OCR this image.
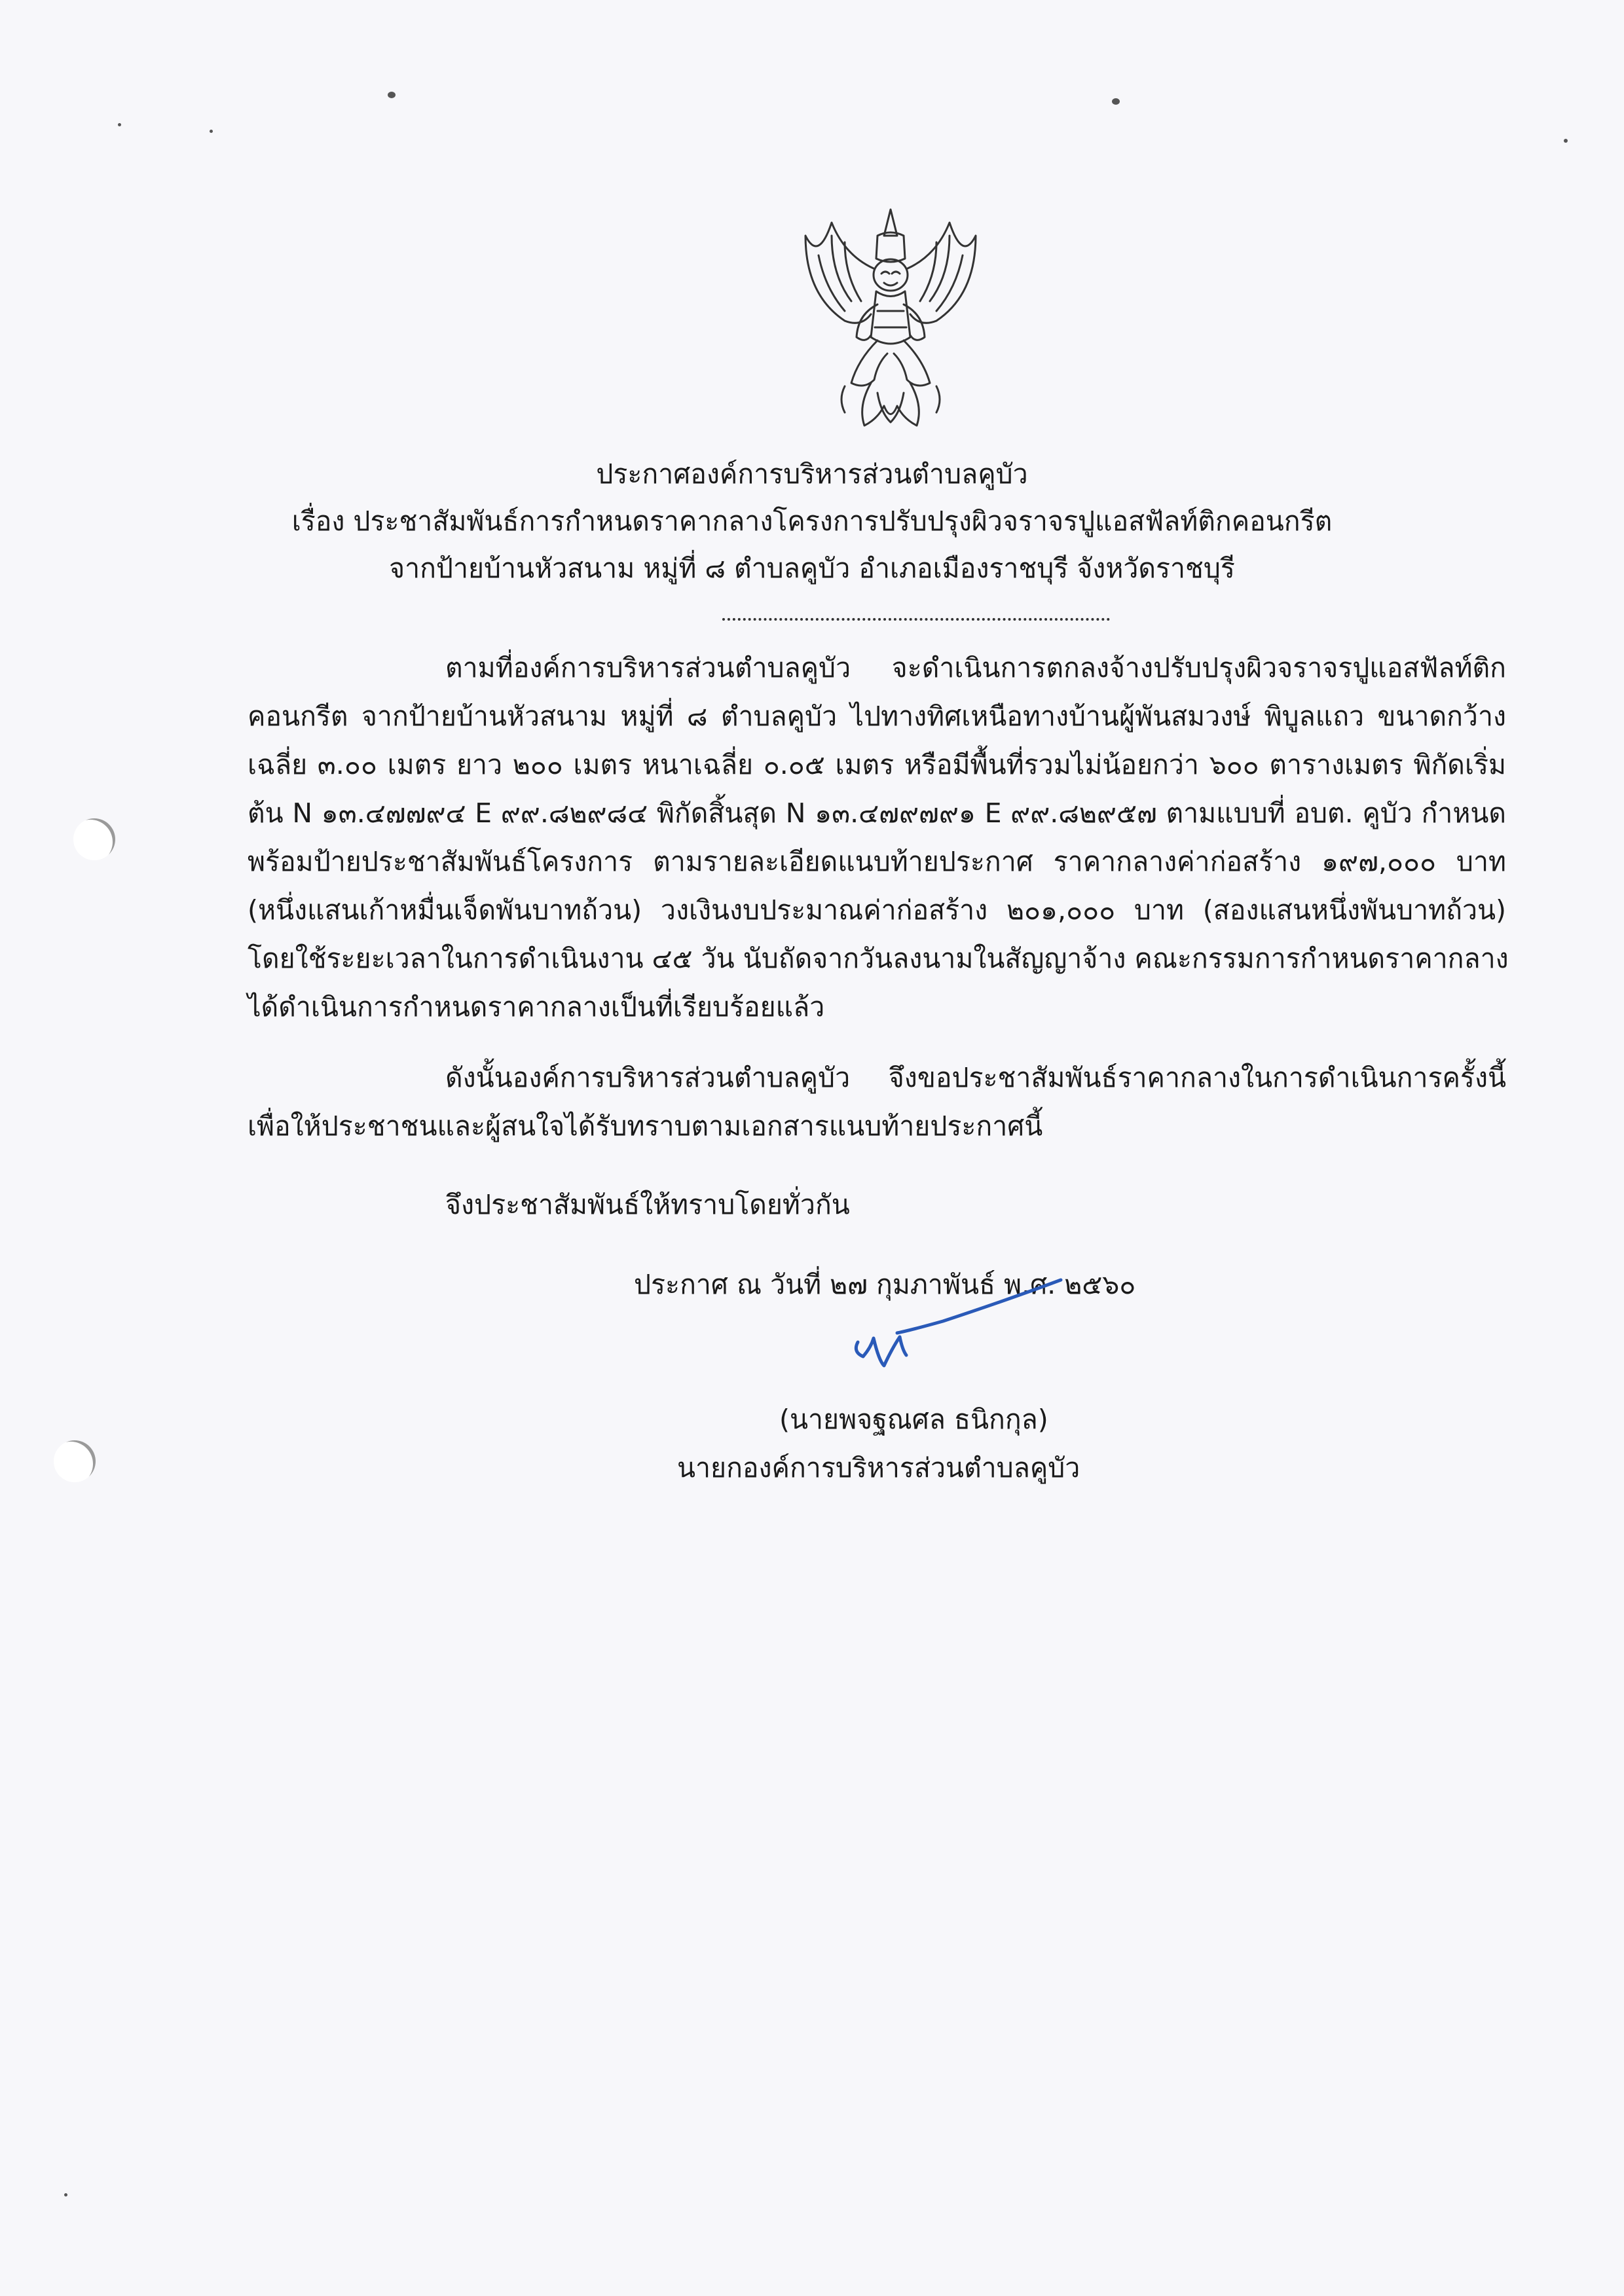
ประกาศองค์การบริหารส่วนตำบลคูบัว
เรื่อง ประชาสัมพันธ์การกำหนดราคากลางโครงการปรับปรุงผิวจราจรปูแอสฟัลท์ติกคอนกรีต
จากป้ายบ้านหัวสนาม หมู่ที่ ๘ ตำบลคูบัว อำเภอเมืองราชบุรี จังหวัดราชบุรี
ตามที่องค์การบริหารส่วนตำบลคูบัว จะดำเนินการตกลงจ้างปรับปรุงผิวจราจรปูแอสฟัลท์ติก
คอนกรีต จากป้ายบ้านหัวสนาม หมู่ที่ ๘ ตำบลคูบัว ไปทางทิศเหนือทางบ้านผู้พันสมวงษ์ พิบูลแถว ขนาดกว้าง
เฉลี่ย ๓.๐๐ เมตร ยาว ๒๐๐ เมตร หนาเฉลี่ย ๐.๐๕ เมตร หรือมีพื้นที่รวมไม่น้อยกว่า ๖๐๐ ตารางเมตร พิกัดเริ่ม
ต้น N ๑๓.๔๗๗๙๔ E ๙๙.๘๒๙๘๔ พิกัดสิ้นสุด N ๑๓.๔๗๙๗๙๑ E ๙๙.๘๒๙๕๗ ตามแบบที่ อบต. คูบัว กำหนด
พร้อมป้ายประชาสัมพันธ์โครงการ ตามรายละเอียดแนบท้ายประกาศ ราคากลางค่าก่อสร้าง ๑๙๗,๐๐๐ บาท
(หนึ่งแสนเก้าหมื่นเจ็ดพันบาทถ้วน) วงเงินงบประมาณค่าก่อสร้าง ๒๐๑,๐๐๐ บาท (สองแสนหนึ่งพันบาทถ้วน)
โดยใช้ระยะเวลาในการดำเนินงาน ๔๕ วัน นับถัดจากวันลงนามในสัญญาจ้าง คณะกรรมการกำหนดราคากลาง
ได้ดำเนินการกำหนดราคากลางเป็นที่เรียบร้อยแล้ว
ดังนั้นองค์การบริหารส่วนตำบลคูบัว จึงขอประชาสัมพันธ์ราคากลางในการดำเนินการครั้งนี้
เพื่อให้ประชาชนและผู้สนใจได้รับทราบตามเอกสารแนบท้ายประกาศนี้
จึงประชาสัมพันธ์ให้ทราบโดยทั่วกัน
ประกาศ ณ วันที่ ๒๗ กุมภาพันธ์ พ.ศ. ๒๕๖๐
(นายพจฐณศล ธนิกกุล)
นายกองค์การบริหารส่วนตำบลคูบัว
